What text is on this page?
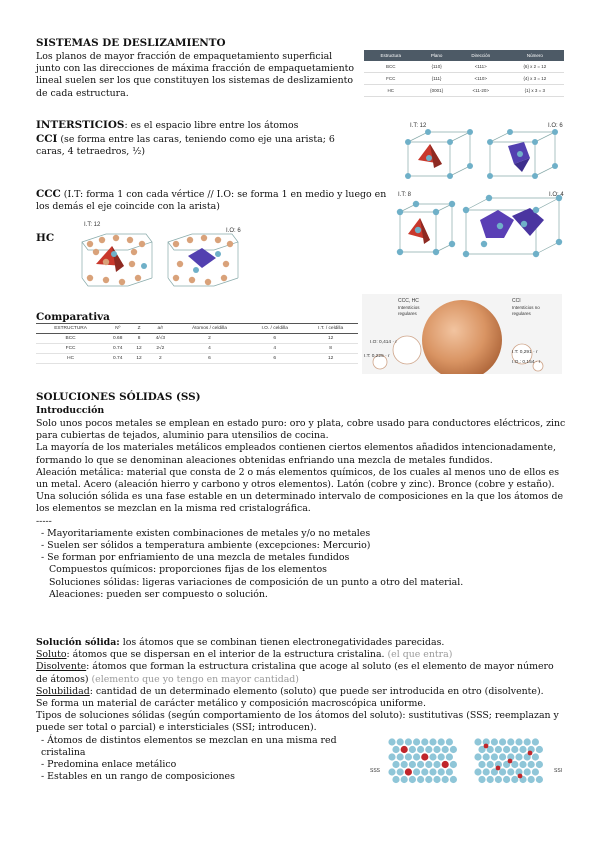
SISTEMAS DE DESLIZAMIENTO
Los planos de mayor fracción de empaquetamiento superficial junto con las direcciones de máxima fracción de empaquetamiento lineal suelen ser los que constituyen los sistemas de deslizamiento de cada estructura.
Estructura	Plano	Dirección	Número
BCC	{110}	<111>	{6} x 2 = 12
FCC	{111}	<110>	{4} x 3 = 12
HC	{0001}	<11-20>	{1} x 3 = 3
INTERSTICIOS: es el espacio libre entre los átomos
CCI (se forma entre las caras, teniendo como eje una arista; 6 caras, 4 tetraedros, ½)
I.T: 12	I.O: 6
CCC (I.T: forma 1 con cada vértice // I.O: se forma 1 en medio y luego en los demás el eje coincide con la arista)
I.T: 8	I.O: 4
HC
I.T: 12
I.O: 6
Comparativa
ESTRUCTURA	Nº	Z	a/r	Átomos / celdilla	I.O. / celdilla	I.T. / celdilla
BCC	0.68	8	4/√3	2	6	12
FCC	0.74	12	2√2	4	4	8
HC	0.74	12	2	6	6	12
CCC, HC
Intersticios regulares
CCI
Intersticios no regulares
I.O: 0,414 · r
I.T: 0,225 · r
I.T: 0,291 · r
I.O.: 0,154 · r
SOLUCIONES SÓLIDAS (SS)
Introducción
Solo unos pocos metales se emplean en estado puro: oro y plata, cobre usado para conductores eléctricos, zinc para cubiertas de tejados, aluminio para utensilios de cocina.
La mayoría de los materiales metálicos empleados contienen ciertos elementos añadidos intencionadamente, formando lo que se denominan aleaciones obtenidas enfriando una mezcla de metales fundidos.
Aleación metálica: material que consta de 2 o más elementos químicos, de los cuales al menos uno de ellos es un metal. Acero (aleación hierro y carbono y otros elementos). Latón (cobre y zinc). Bronce (cobre y estaño).
Una solución sólida es una fase estable en un determinado intervalo de composiciones en la que los átomos de los elementos se mezclan en la misma red cristalográfica.
-----
- Mayoritariamente existen combinaciones de metales y/o no metales
- Suelen ser sólidos a temperatura ambiente (excepciones: Mercurio)
- Se forman por enfriamiento de una mezcla de metales fundidos
Compuestos químicos: proporciones fijas de los elementos
Soluciones sólidas: ligeras variaciones de composición de un punto a otro del material.
Aleaciones: pueden ser compuesto o solución.
Solución sólida: los átomos que se combinan tienen electronegatividades parecidas.
Soluto: átomos que se dispersan en el interior de la estructura cristalina. (el que entra)
Disolvente: átomos que forman la estructura cristalina que acoge al soluto (es el elemento de mayor número de átomos) (elemento que yo tengo en mayor cantidad)
Solubilidad: cantidad de un determinado elemento (soluto) que puede ser introducida en otro (disolvente).
Se forma un material de carácter metálico y composición macroscópica uniforme.
Tipos de soluciones sólidas (según comportamiento de los átomos del soluto): sustitutivas (SSS; reemplazan y puede ser total o parcial) e intersticiales (SSI; introducen).
- Átomos de distintos elementos se mezclan en una misma red cristalina
- Predomina enlace metálico
- Estables en un rango de composiciones
SSS	SSI
